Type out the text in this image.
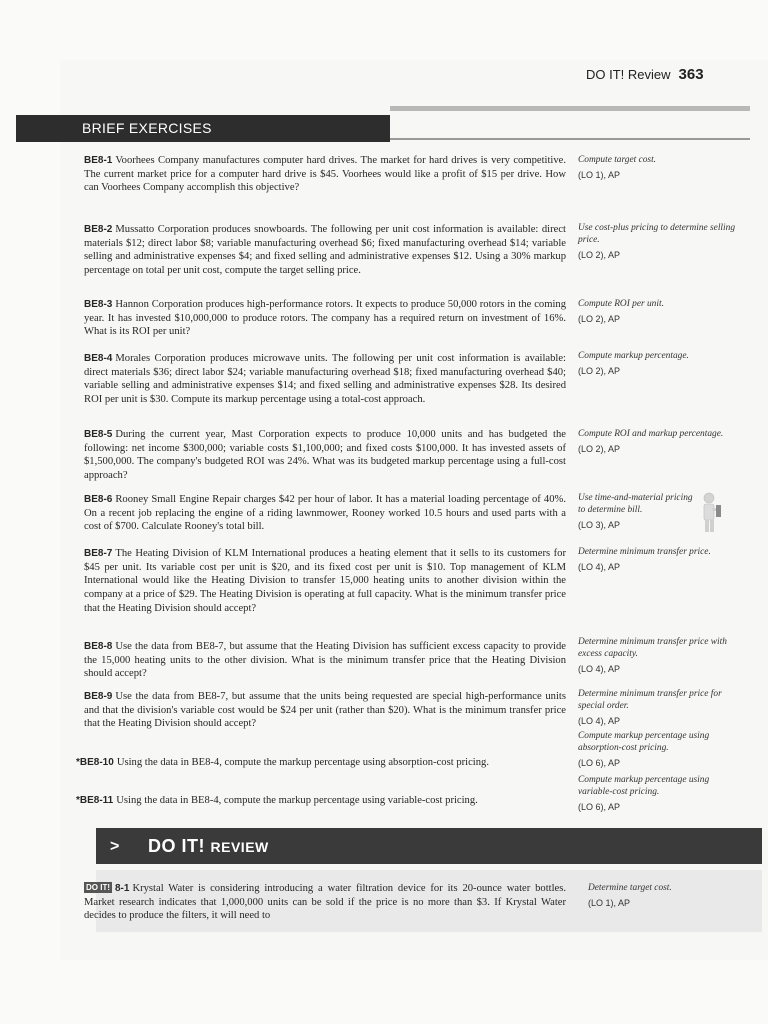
DO IT! Review 363
BRIEF EXERCISES
BE8-1 Voorhees Company manufactures computer hard drives. The market for hard drives is very competitive. The current market price for a computer hard drive is $45. Voorhees would like a profit of $15 per drive. How can Voorhees Company accomplish this objective?
Compute target cost.
(LO 1), AP
BE8-2 Mussatto Corporation produces snowboards. The following per unit cost information is available: direct materials $12; direct labor $8; variable manufacturing overhead $6; fixed manufacturing overhead $14; variable selling and administrative expenses $4; and fixed selling and administrative expenses $12. Using a 30% markup percentage on total per unit cost, compute the target selling price.
Use cost-plus pricing to determine selling price.
(LO 2), AP
BE8-3 Hannon Corporation produces high-performance rotors. It expects to produce 50,000 rotors in the coming year. It has invested $10,000,000 to produce rotors. The company has a required return on investment of 16%. What is its ROI per unit?
Compute ROI per unit.
(LO 2), AP
BE8-4 Morales Corporation produces microwave units. The following per unit cost information is available: direct materials $36; direct labor $24; variable manufacturing overhead $18; fixed manufacturing overhead $40; variable selling and administrative expenses $14; and fixed selling and administrative expenses $28. Its desired ROI per unit is $30. Compute its markup percentage using a total-cost approach.
Compute markup percentage.
(LO 2), AP
BE8-5 During the current year, Mast Corporation expects to produce 10,000 units and has budgeted the following: net income $300,000; variable costs $1,100,000; and fixed costs $100,000. It has invested assets of $1,500,000. The company's budgeted ROI was 24%. What was its budgeted markup percentage using a full-cost approach?
Compute ROI and markup percentage.
(LO 2), AP
BE8-6 Rooney Small Engine Repair charges $42 per hour of labor. It has a material loading percentage of 40%. On a recent job replacing the engine of a riding lawnmower, Rooney worked 10.5 hours and used parts with a cost of $700. Calculate Rooney's total bill.
Use time-and-material pricing to determine bill.
(LO 3), AP
BE8-7 The Heating Division of KLM International produces a heating element that it sells to its customers for $45 per unit. Its variable cost per unit is $20, and its fixed cost per unit is $10. Top management of KLM International would like the Heating Division to transfer 15,000 heating units to another division within the company at a price of $29. The Heating Division is operating at full capacity. What is the minimum transfer price that the Heating Division should accept?
Determine minimum transfer price.
(LO 4), AP
BE8-8 Use the data from BE8-7, but assume that the Heating Division has sufficient excess capacity to provide the 15,000 heating units to the other division. What is the minimum transfer price that the Heating Division should accept?
Determine minimum transfer price with excess capacity.
(LO 4), AP
BE8-9 Use the data from BE8-7, but assume that the units being requested are special high-performance units and that the division's variable cost would be $24 per unit (rather than $20). What is the minimum transfer price that the Heating Division should accept?
Determine minimum transfer price for special order.
(LO 4), AP
*BE8-10 Using the data in BE8-4, compute the markup percentage using absorption-cost pricing.
Compute markup percentage using absorption-cost pricing.
(LO 6), AP
*BE8-11 Using the data in BE8-4, compute the markup percentage using variable-cost pricing.
Compute markup percentage using variable-cost pricing.
(LO 6), AP
> DO IT! REVIEW
DO IT! 8-1 Krystal Water is considering introducing a water filtration device for its 20-ounce water bottles. Market research indicates that 1,000,000 units can be sold if the price is no more than $3. If Krystal Water decides to produce the filters, it will need to
Determine target cost.
(LO 1), AP
